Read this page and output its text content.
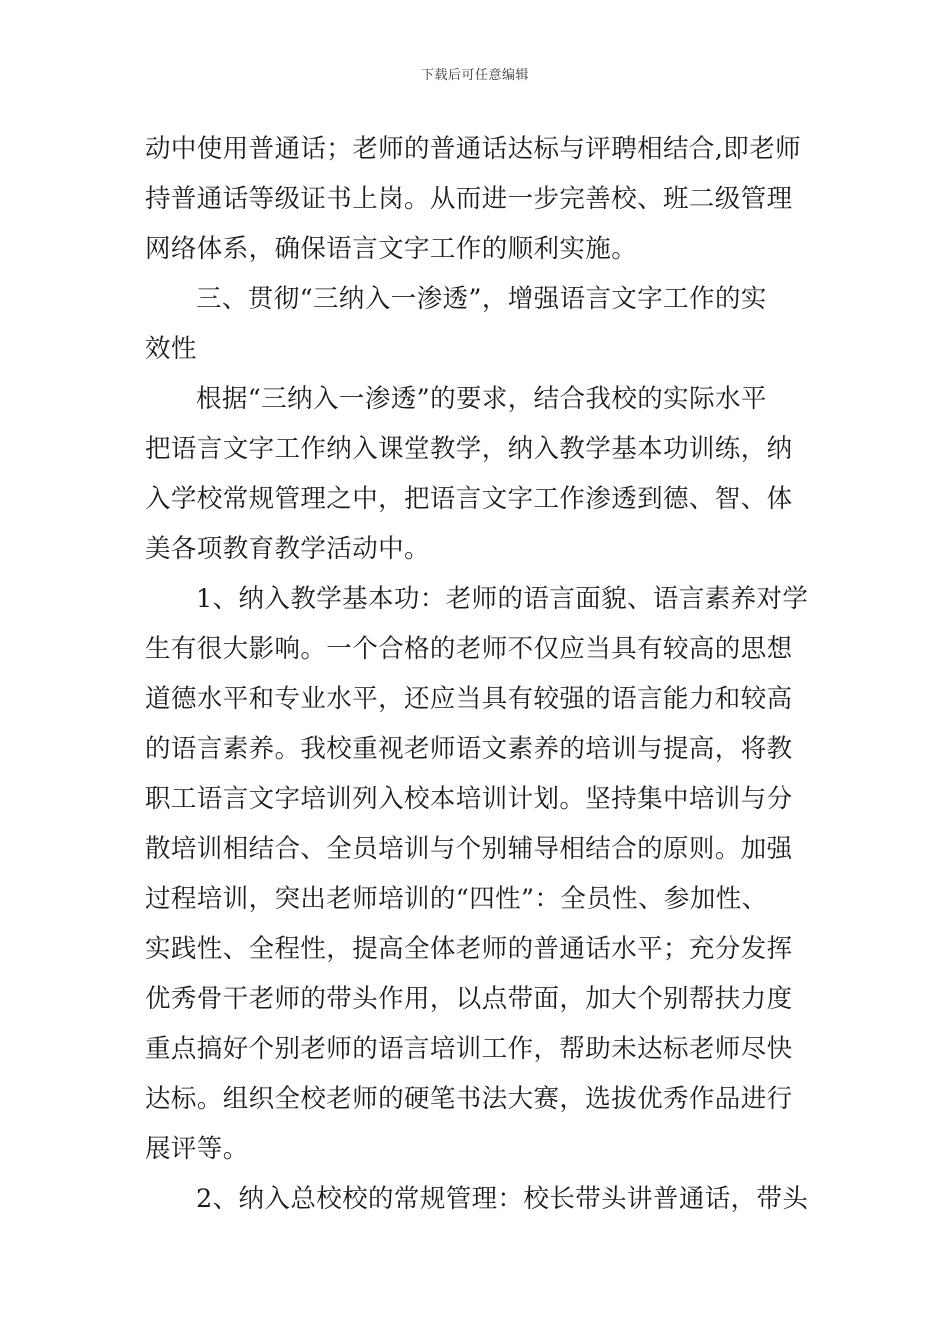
下载后可任意编辑
动中使用普通话；老师的普通话达标与评聘相结合,即老师
持普通话等级证书上岗。从而进一步完善校、班二级管理
网络体系，确保语言文字工作的顺利实施。
三、贯彻“三纳入一渗透”，增强语言文字工作的实
效性
根据“三纳入一渗透”的要求，结合我校的实际水平
把语言文字工作纳入课堂教学，纳入教学基本功训练，纳
入学校常规管理之中，把语言文字工作渗透到德、智、体
美各项教育教学活动中。
1、纳入教学基本功：老师的语言面貌、语言素养对学
生有很大影响。一个合格的老师不仅应当具有较高的思想
道德水平和专业水平，还应当具有较强的语言能力和较高
的语言素养。我校重视老师语文素养的培训与提高，将教
职工语言文字培训列入校本培训计划。坚持集中培训与分
散培训相结合、全员培训与个别辅导相结合的原则。加强
过程培训，突出老师培训的“四性”：全员性、参加性、
实践性、全程性，提高全体老师的普通话水平；充分发挥
优秀骨干老师的带头作用，以点带面，加大个别帮扶力度
重点搞好个别老师的语言培训工作，帮助未达标老师尽快
达标。组织全校老师的硬笔书法大赛，选拔优秀作品进行
展评等。
2、纳入总校校的常规管理：校长带头讲普通话，带头
